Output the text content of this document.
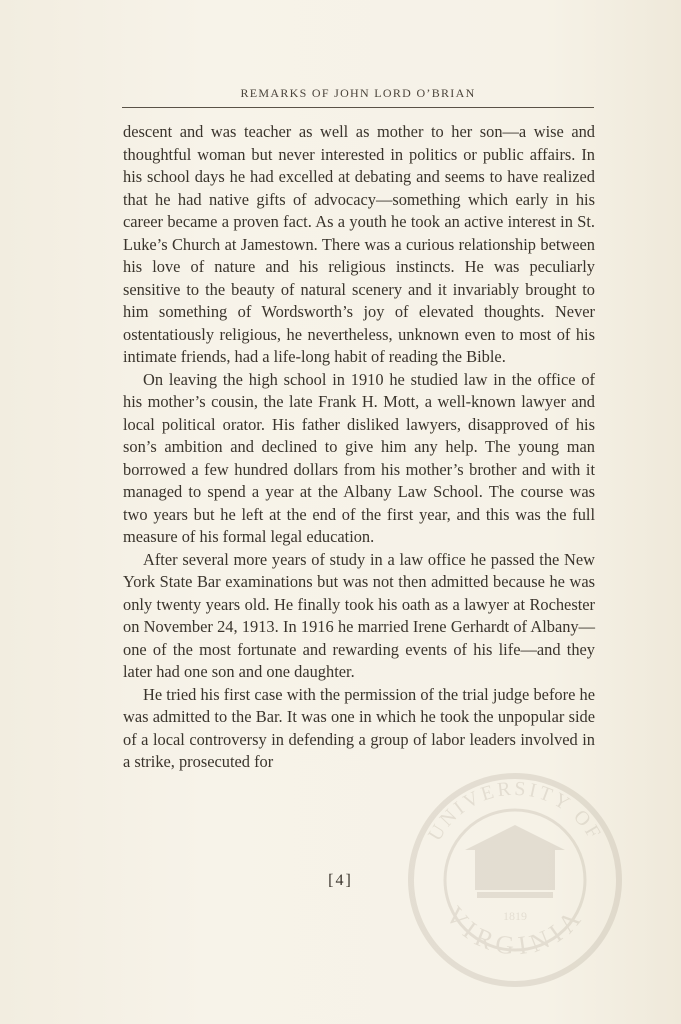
REMARKS OF JOHN LORD O’BRIAN

descent and was teacher as well as mother to her son—a wise and thoughtful woman but never interested in politics or public affairs. In his school days he had excelled at debating and seems to have realized that he had native gifts of advocacy—something which early in his career became a proven fact. As a youth he took an active interest in St. Luke’s Church at Jamestown. There was a curious relationship between his love of nature and his religious instincts. He was peculiarly sensitive to the beauty of natural scenery and it invariably brought to him something of Wordsworth’s joy of elevated thoughts. Never ostentatiously religious, he nevertheless, unknown even to most of his intimate friends, had a life-long habit of reading the Bible.

On leaving the high school in 1910 he studied law in the office of his mother’s cousin, the late Frank H. Mott, a well-known lawyer and local political orator. His father disliked lawyers, disapproved of his son’s ambition and declined to give him any help. The young man borrowed a few hundred dollars from his mother’s brother and with it managed to spend a year at the Albany Law School. The course was two years but he left at the end of the first year, and this was the full measure of his formal legal education.

After several more years of study in a law office he passed the New York State Bar examinations but was not then admitted because he was only twenty years old. He finally took his oath as a lawyer at Rochester on November 24, 1913. In 1916 he married Irene Gerhardt of Albany—one of the most fortunate and rewarding events of his life—and they later had one son and one daughter.

He tried his first case with the permission of the trial judge before he was admitted to the Bar. It was one in which he took the unpopular side of a local controversy in defending a group of labor leaders involved in a strike, prosecuted for

[4]
UNIVERSITY OF
VIRGINIA
1819
